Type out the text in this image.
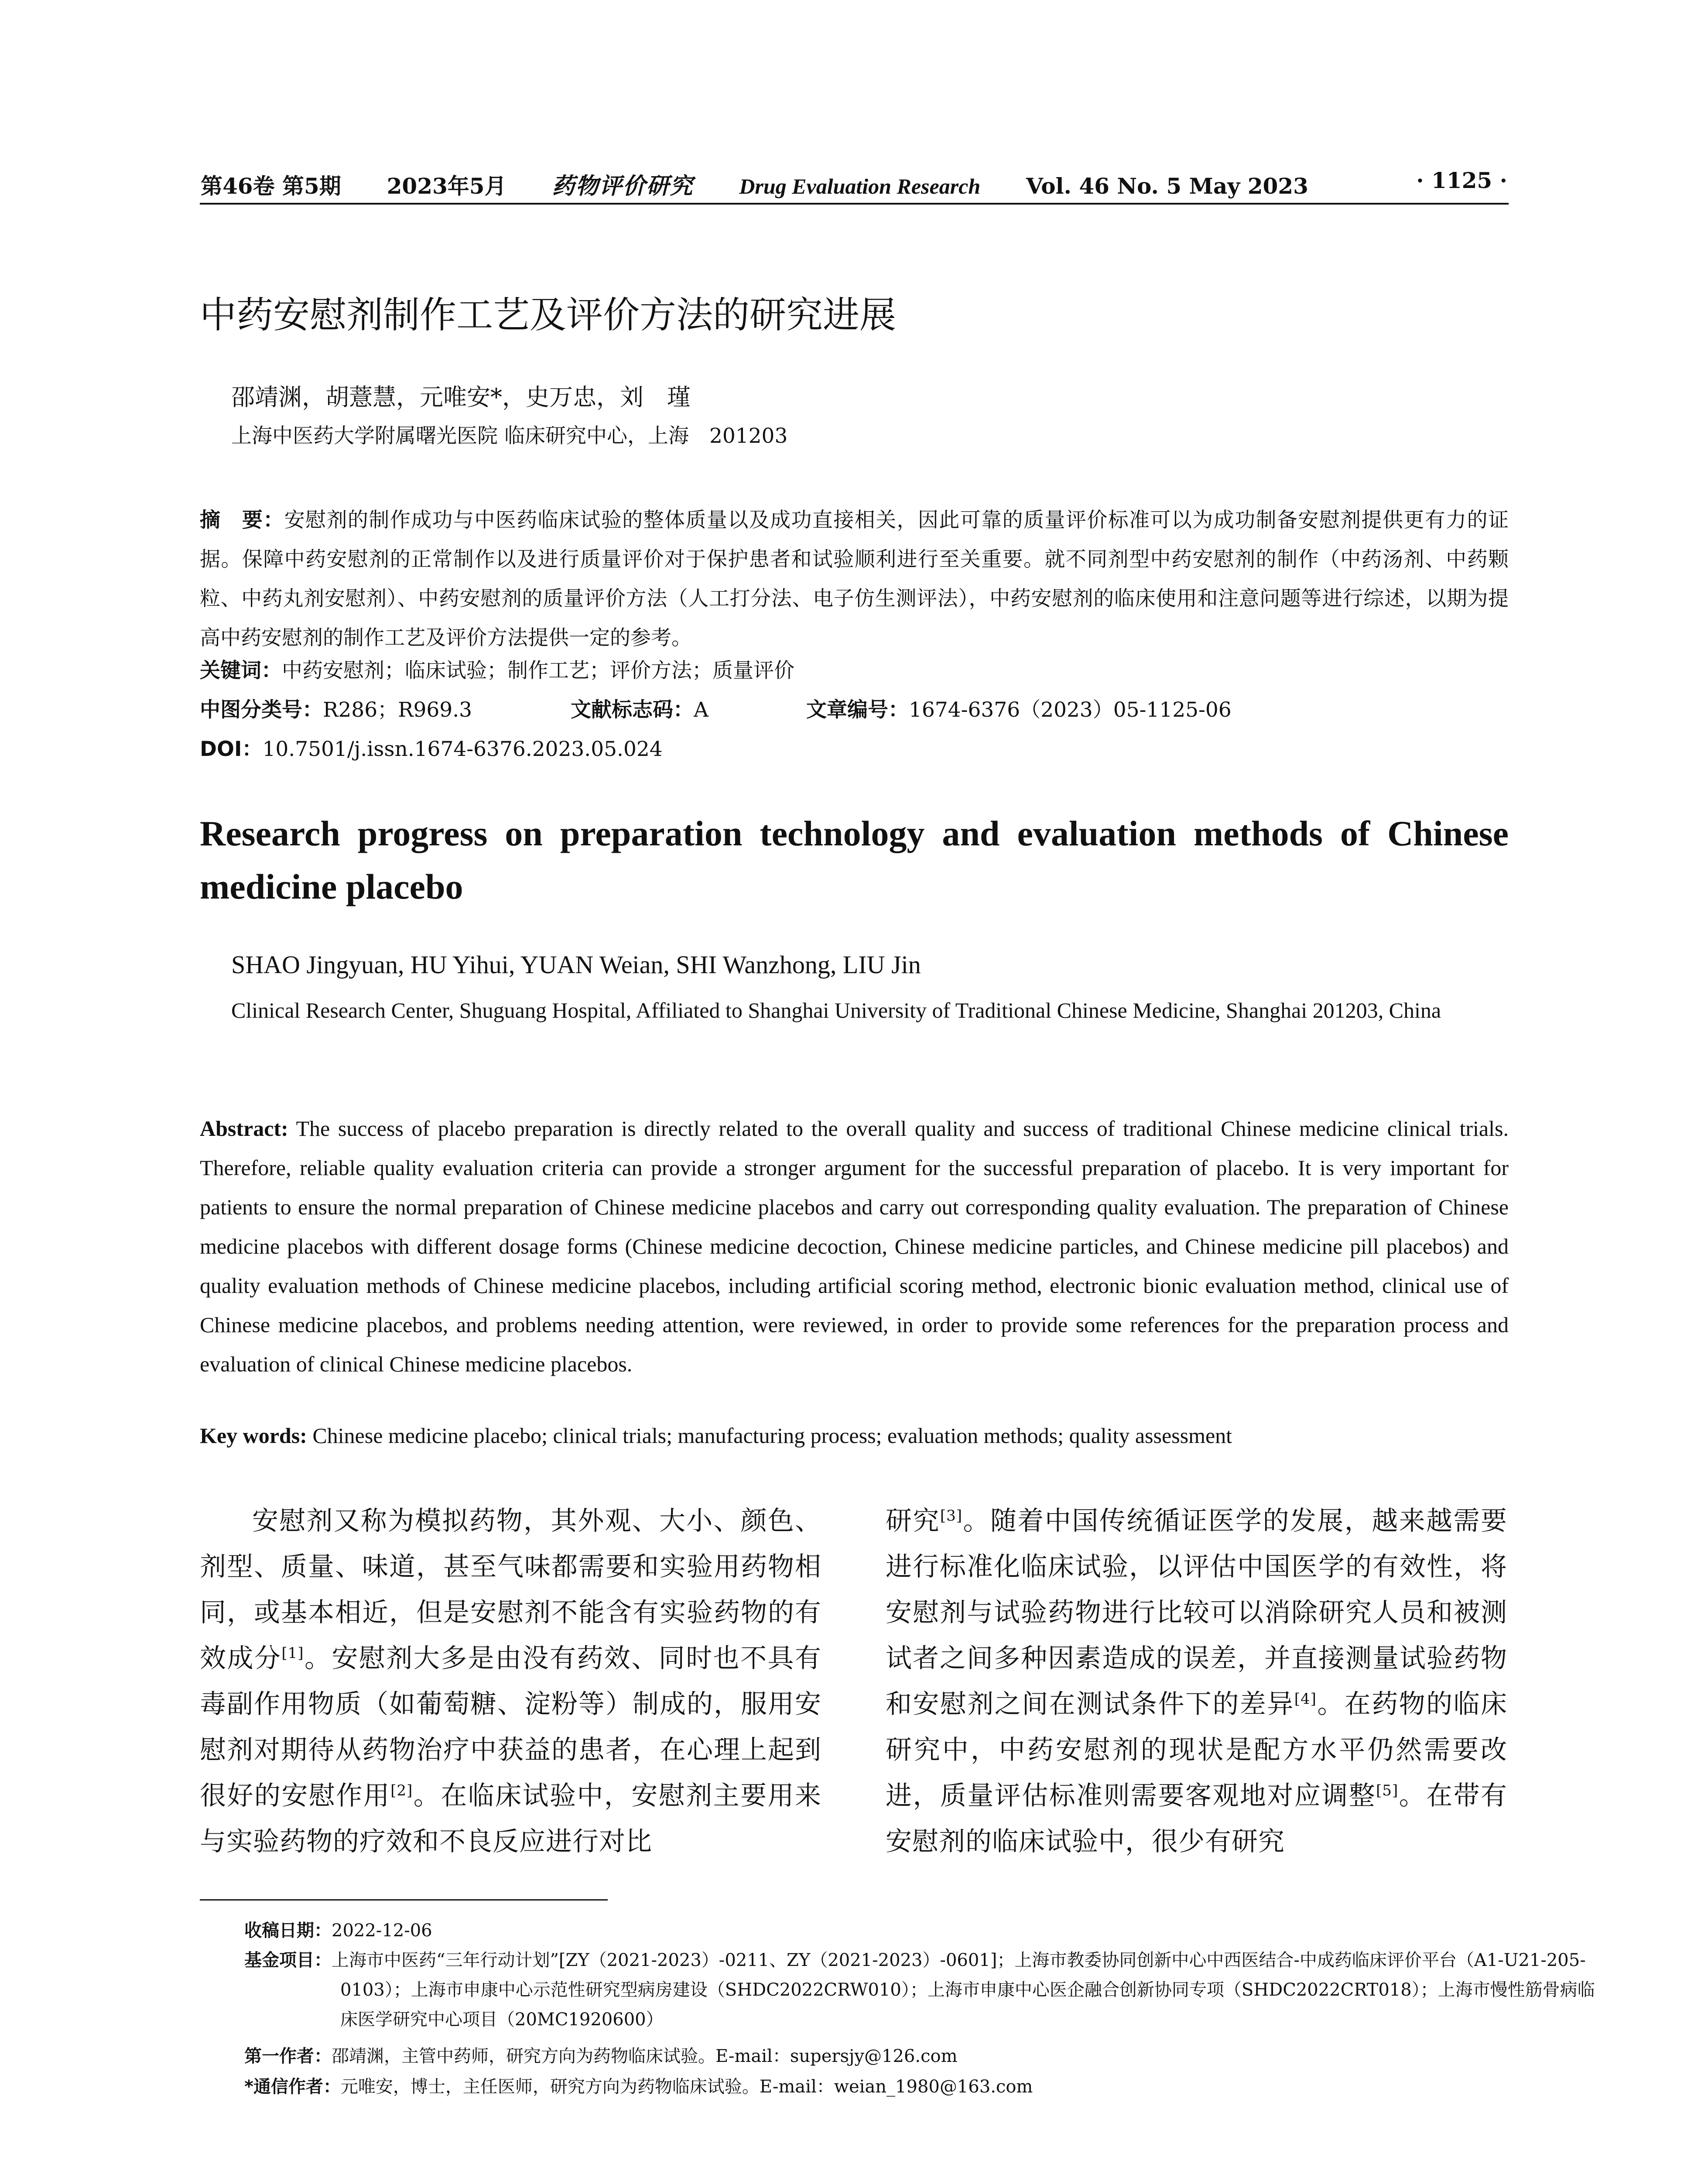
第46卷 第5期 2023年5月 药物评价研究 Drug Evaluation Research Vol. 46 No. 5 May 2023	· 1125 ·
中药安慰剂制作工艺及评价方法的研究进展
邵靖渊，胡薏慧，元唯安*，史万忠，刘　瑾
上海中医药大学附属曙光医院 临床研究中心，上海　201203
摘　要：安慰剂的制作成功与中医药临床试验的整体质量以及成功直接相关，因此可靠的质量评价标准可以为成功制备安慰剂提供更有力的证据。保障中药安慰剂的正常制作以及进行质量评价对于保护患者和试验顺利进行至关重要。就不同剂型中药安慰剂的制作（中药汤剂、中药颗粒、中药丸剂安慰剂）、中药安慰剂的质量评价方法（人工打分法、电子仿生测评法），中药安慰剂的临床使用和注意问题等进行综述，以期为提高中药安慰剂的制作工艺及评价方法提供一定的参考。
关键词：中药安慰剂；临床试验；制作工艺；评价方法；质量评价
中图分类号：R286；R969.3	文献标志码：A	文章编号：1674-6376（2023）05-1125-06
DOI：10.7501/j.issn.1674-6376.2023.05.024
Research progress on preparation technology and evaluation methods of Chinese medicine placebo
SHAO Jingyuan, HU Yihui, YUAN Weian, SHI Wanzhong, LIU Jin
Clinical Research Center, Shuguang Hospital, Affiliated to Shanghai University of Traditional Chinese Medicine, Shanghai 201203, China
Abstract: The success of placebo preparation is directly related to the overall quality and success of traditional Chinese medicine clinical trials. Therefore, reliable quality evaluation criteria can provide a stronger argument for the successful preparation of placebo. It is very important for patients to ensure the normal preparation of Chinese medicine placebos and carry out corresponding quality evaluation. The preparation of Chinese medicine placebos with different dosage forms (Chinese medicine decoction, Chinese medicine particles, and Chinese medicine pill placebos) and quality evaluation methods of Chinese medicine placebos, including artificial scoring method, electronic bionic evaluation method, clinical use of Chinese medicine placebos, and problems needing attention, were reviewed, in order to provide some references for the preparation process and evaluation of clinical Chinese medicine placebos.
Key words: Chinese medicine placebo; clinical trials; manufacturing process; evaluation methods; quality assessment
安慰剂又称为模拟药物，其外观、大小、颜色、剂型、质量、味道，甚至气味都需要和实验用药物相同，或基本相近，但是安慰剂不能含有实验药物的有效成分[1]。安慰剂大多是由没有药效、同时也不具有毒副作用物质（如葡萄糖、淀粉等）制成的，服用安慰剂对期待从药物治疗中获益的患者，在心理上起到很好的安慰作用[2]。在临床试验中，安慰剂主要用来与实验药物的疗效和不良反应进行对比
研究[3]。随着中国传统循证医学的发展，越来越需要进行标准化临床试验，以评估中国医学的有效性，将安慰剂与试验药物进行比较可以消除研究人员和被测试者之间多种因素造成的误差，并直接测量试验药物和安慰剂之间在测试条件下的差异[4]。在药物的临床研究中，中药安慰剂的现状是配方水平仍然需要改进，质量评估标准则需要客观地对应调整[5]。在带有安慰剂的临床试验中，很少有研究
收稿日期：2022-12-06
基金项目：上海市中医药“三年行动计划”[ZY（2021-2023）-0211、ZY（2021-2023）-0601]；上海市教委协同创新中心中西医结合-中成药临床评价平台（A1-U21-205-0103）；上海市申康中心示范性研究型病房建设（SHDC2022CRW010）；上海市申康中心医企融合创新协同专项（SHDC2022CRT018）；上海市慢性筋骨病临床医学研究中心项目（20MC1920600）
第一作者：邵靖渊，主管中药师，研究方向为药物临床试验。E-mail：supersjy@126.com
*通信作者：元唯安，博士，主任医师，研究方向为药物临床试验。E-mail：weian_1980@163.com
